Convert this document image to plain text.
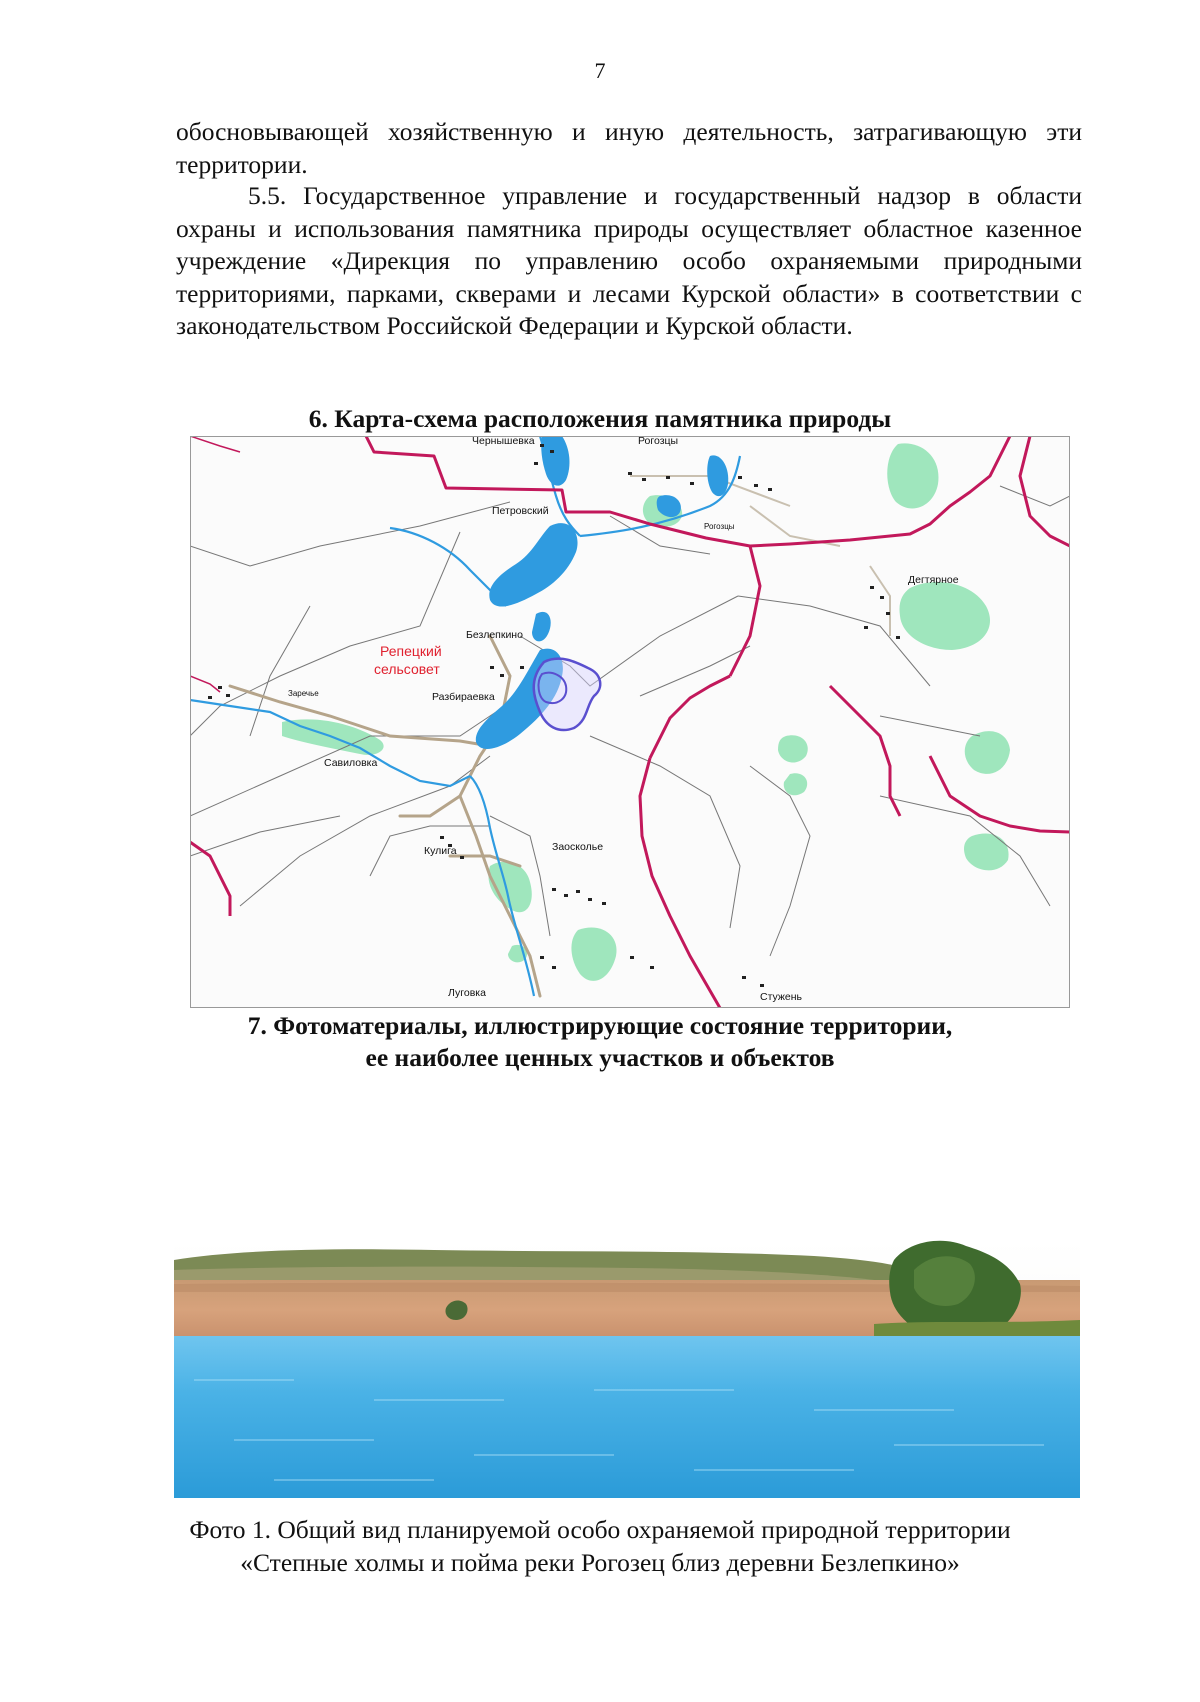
7

обосновывающей хозяйственную и иную деятельность, затрагивающую эти территории.

5.5. Государственное управление и государственный надзор в области охраны и использования памятника природы осуществляет областное казенное учреждение «Дирекция по управлению особо охраняемыми природными территориями, парками, скверами и лесами Курской области» в соответствии с законодательством Российской Федерации и Курской области.

6. Карта-схема расположения памятника природы
Чернышевка	Рогозцы
Рогозцы
Петровский
Дегтярное
Безлепкино
Репецкий
сельсовет
Заречье	Разбираевка
Савиловка
Кулига	Заосколье
Луговка	Стужень
7. Фотоматериалы, иллюстрирующие состояние территории,
ее наиболее ценных участков и объектов
Фото 1. Общий вид планируемой особо охраняемой природной территории
«Степные холмы и пойма реки Рогозец близ деревни Безлепкино»
